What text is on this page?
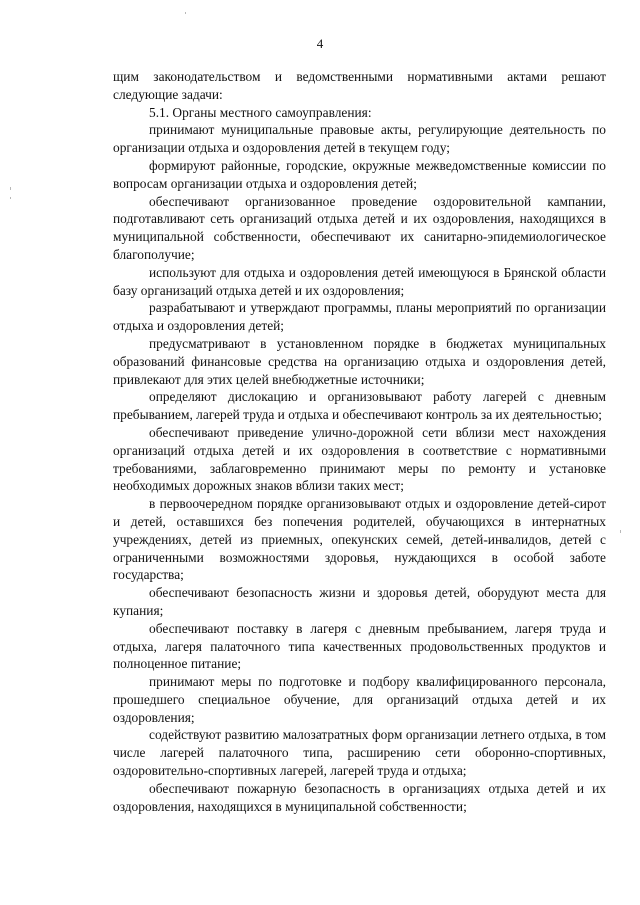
4

щим законодательством и ведомственными нормативными актами решают следующие задачи:

5.1. Органы местного самоуправления:

принимают муниципальные правовые акты, регулирующие деятельность по организации отдыха и оздоровления детей в текущем году;

формируют районные, городские, окружные межведомственные комиссии по вопросам организации отдыха и оздоровления детей;

обеспечивают организованное проведение оздоровительной кампании, подготавливают сеть организаций отдыха детей и их оздоровления, находящихся в муниципальной собственности, обеспечивают их санитарно-эпидемиологическое благополучие;

используют для отдыха и оздоровления детей имеющуюся в Брянской области базу организаций отдыха детей и их оздоровления;

разрабатывают и утверждают программы, планы мероприятий по организации отдыха и оздоровления детей;

предусматривают в установленном порядке в бюджетах муниципальных образований финансовые средства на организацию отдыха и оздоровления детей, привлекают для этих целей внебюджетные источники;

определяют дислокацию и организовывают работу лагерей с дневным пребыванием, лагерей труда и отдыха и обеспечивают контроль за их деятельностью;

обеспечивают приведение улично-дорожной сети вблизи мест нахождения организаций отдыха детей и их оздоровления в соответствие с нормативными требованиями, заблаговременно принимают меры по ремонту и установке необходимых дорожных знаков вблизи таких мест;

в первоочередном порядке организовывают отдых и оздоровление детей-сирот и детей, оставшихся без попечения родителей, обучающихся в интернатных учреждениях, детей из приемных, опекунских семей, детей-инвалидов, детей с ограниченными возможностями здоровья, нуждающихся в особой заботе государства;

обеспечивают безопасность жизни и здоровья детей, оборудуют места для купания;

обеспечивают поставку в лагеря с дневным пребыванием, лагеря труда и отдыха, лагеря палаточного типа качественных продовольственных продуктов и полноценное питание;

принимают меры по подготовке и подбору квалифицированного персонала, прошедшего специальное обучение, для организаций отдыха детей и их оздоровления;

содействуют развитию малозатратных форм организации летнего отдыха, в том числе лагерей палаточного типа, расширению сети оборонно-спортивных, оздоровительно-спортивных лагерей, лагерей труда и отдыха;

обеспечивают пожарную безопасность в организациях отдыха детей и их оздоровления, находящихся в муниципальной собственности;
